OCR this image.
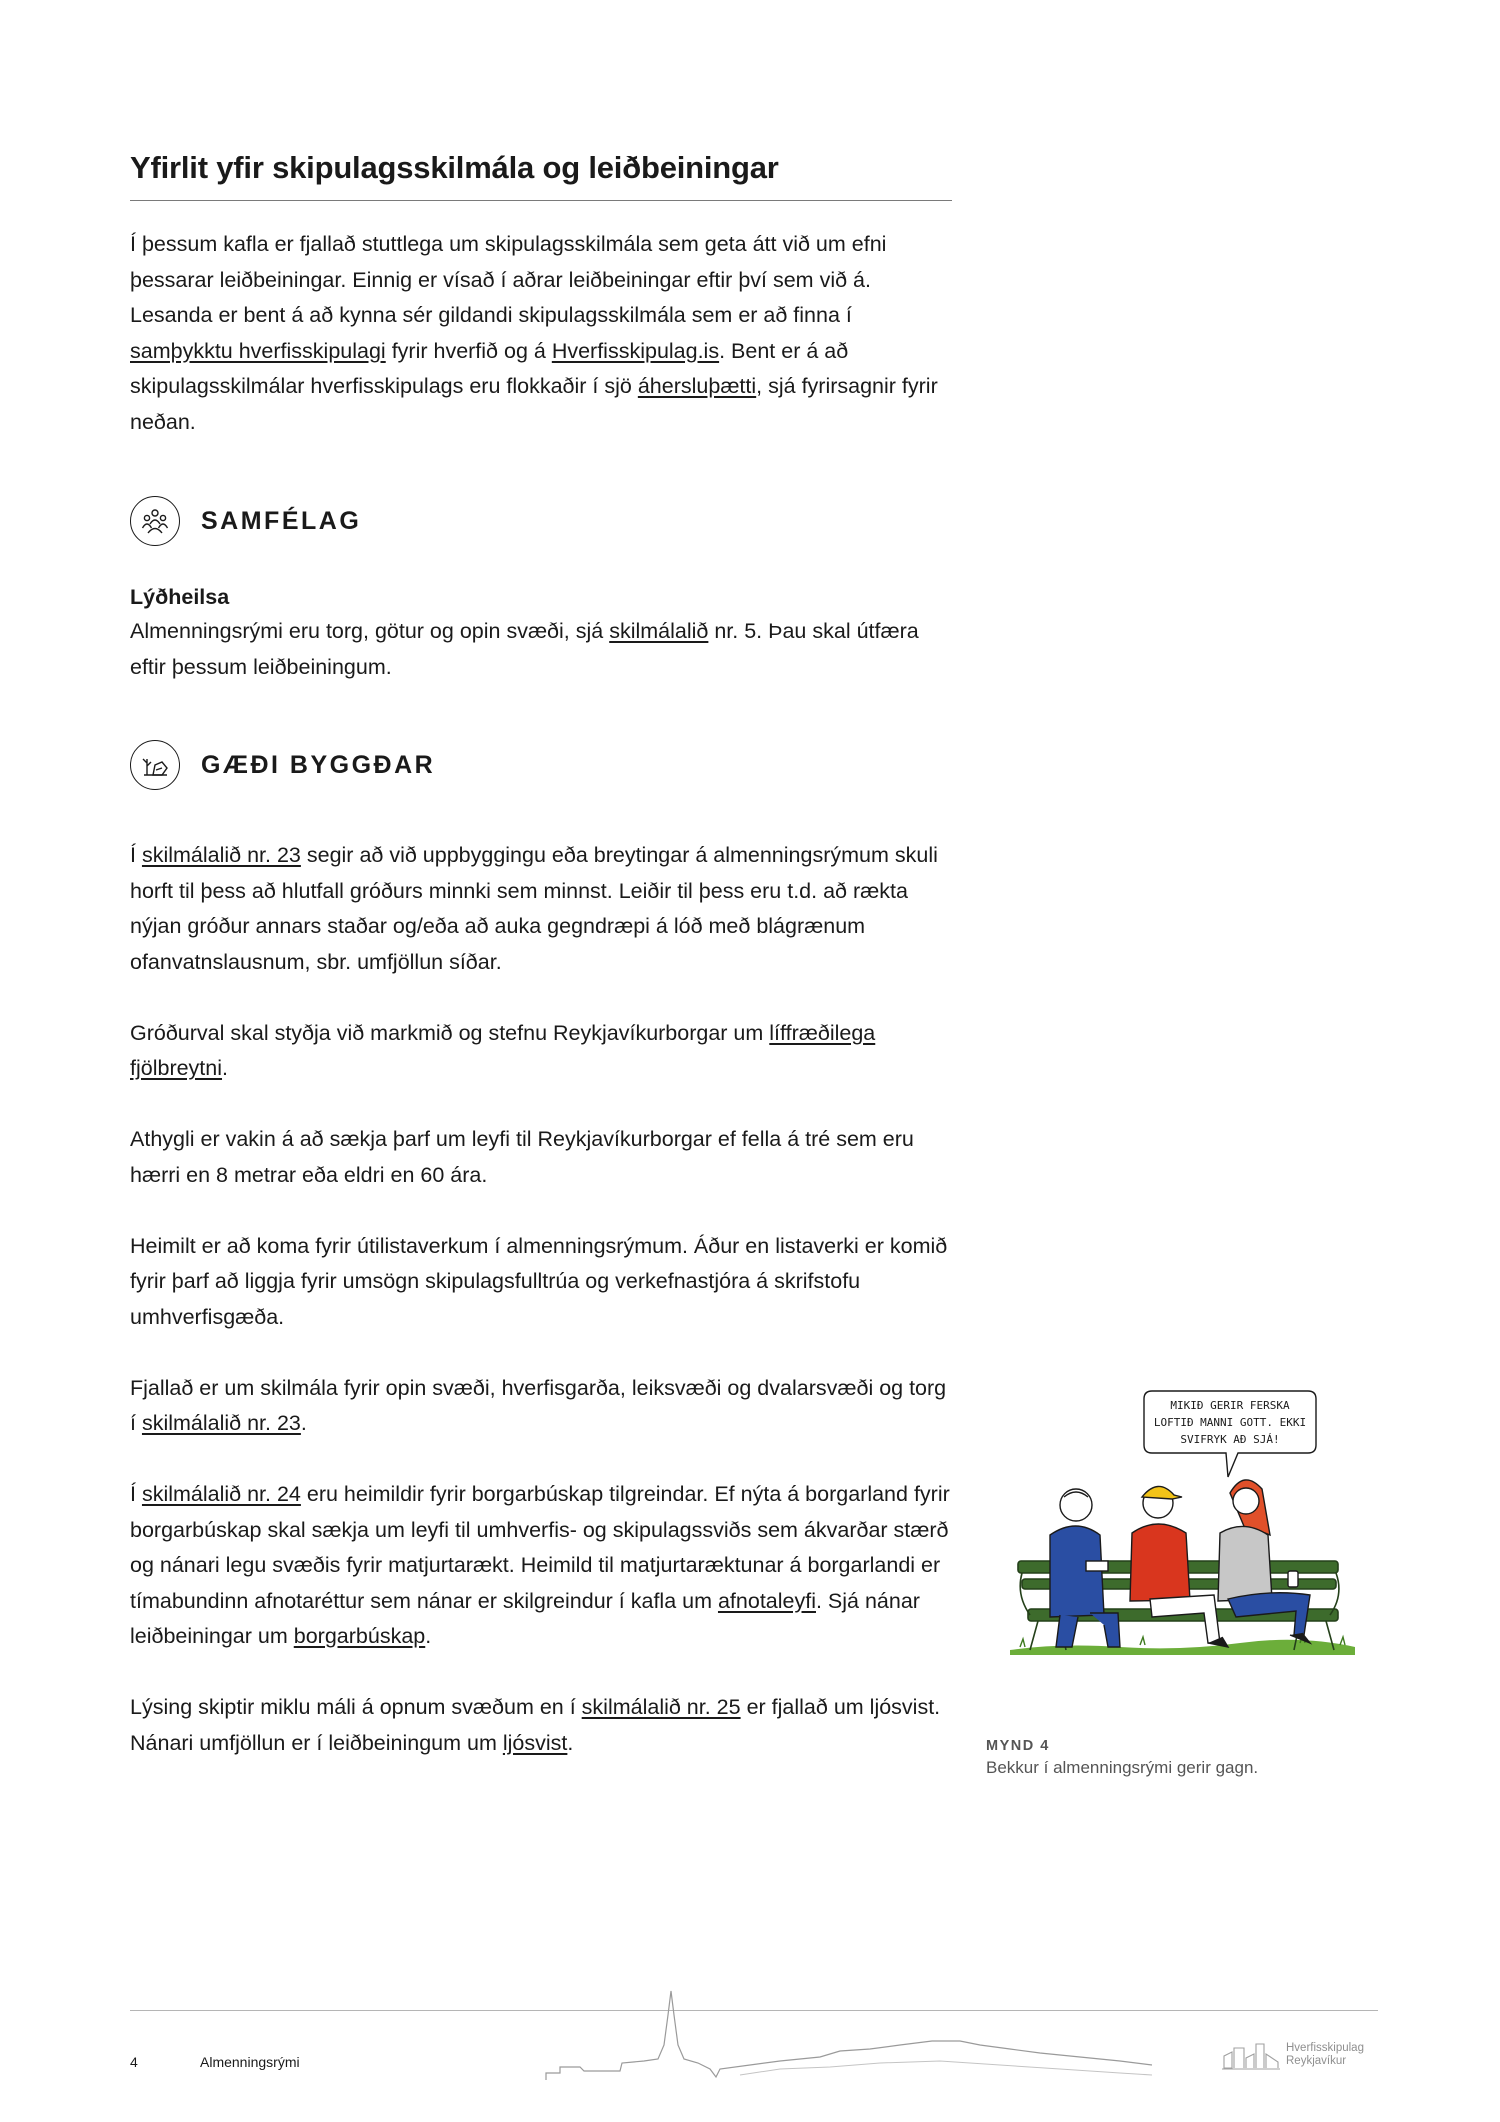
Yfirlit yfir skipulagsskilmála og leiðbeiningar

Í þessum kafla er fjallað stuttlega um skipulagsskilmála sem geta átt við um efni þessarar leiðbeiningar. Einnig er vísað í aðrar leiðbeiningar eftir því sem við á. Lesanda er bent á að kynna sér gildandi skipulagsskilmála sem er að finna í samþykktu hverfisskipulagi fyrir hverfið og á Hverfisskipulag.is. Bent er á að skipulagsskilmálar hverfisskipulags eru flokkaðir í sjö áhersluþætti, sjá fyrirsagnir fyrir neðan.

SAMFÉLAG

Lýðheilsa

Almenningsrými eru torg, götur og opin svæði, sjá skilmálalið nr. 5. Þau skal útfæra eftir þessum leiðbeiningum.

GÆÐI BYGGÐAR

Í skilmálalið nr. 23 segir að við uppbyggingu eða breytingar á almenningsrýmum skuli horft til þess að hlutfall gróðurs minnki sem minnst. Leiðir til þess eru t.d. að rækta nýjan gróður annars staðar og/eða að auka gegndræpi á lóð með blágrænum ofanvatnslausnum, sbr. umfjöllun síðar.

Gróðurval skal styðja við markmið og stefnu Reykjavíkurborgar um líffræðilega fjölbreytni.

Athygli er vakin á að sækja þarf um leyfi til Reykjavíkurborgar ef fella á tré sem eru hærri en 8 metrar eða eldri en 60 ára.

Heimilt er að koma fyrir útilistaverkum í almenningsrýmum. Áður en listaverki er komið fyrir þarf að liggja fyrir umsögn skipulagsfulltrúa og verkefnastjóra á skrifstofu umhverfisgæða.

Fjallað er um skilmála fyrir opin svæði, hverfisgarða, leiksvæði og dvalarsvæði og torg í skilmálalið nr. 23.

Í skilmálalið nr. 24 eru heimildir fyrir borgarbúskap tilgreindar. Ef nýta á borgarland fyrir borgarbúskap skal sækja um leyfi til umhverfis- og skipulagssviðs sem ákvarðar stærð og nánari legu svæðis fyrir matjurtarækt. Heimild til matjurtaræktunar á borgarlandi er tímabundinn afnotaréttur sem nánar er skilgreindur í kafla um afnotaleyfi. Sjá nánar leiðbeiningar um borgarbúskap.

Lýsing skiptir miklu máli á opnum svæðum en í skilmálalið nr. 25 er fjallað um ljósvist. Nánari umfjöllun er í leiðbeiningum um ljósvist.

MIKIÐ GERIR FERSKA
LOFTIÐ MANNI GOTT. EKKI
SVIFRYK AÐ SJÁ!
MYND 4
Bekkur í almenningsrými gerir gagn.
4	Almenningsrými
Hverfisskipulag
Reykjavíkur
